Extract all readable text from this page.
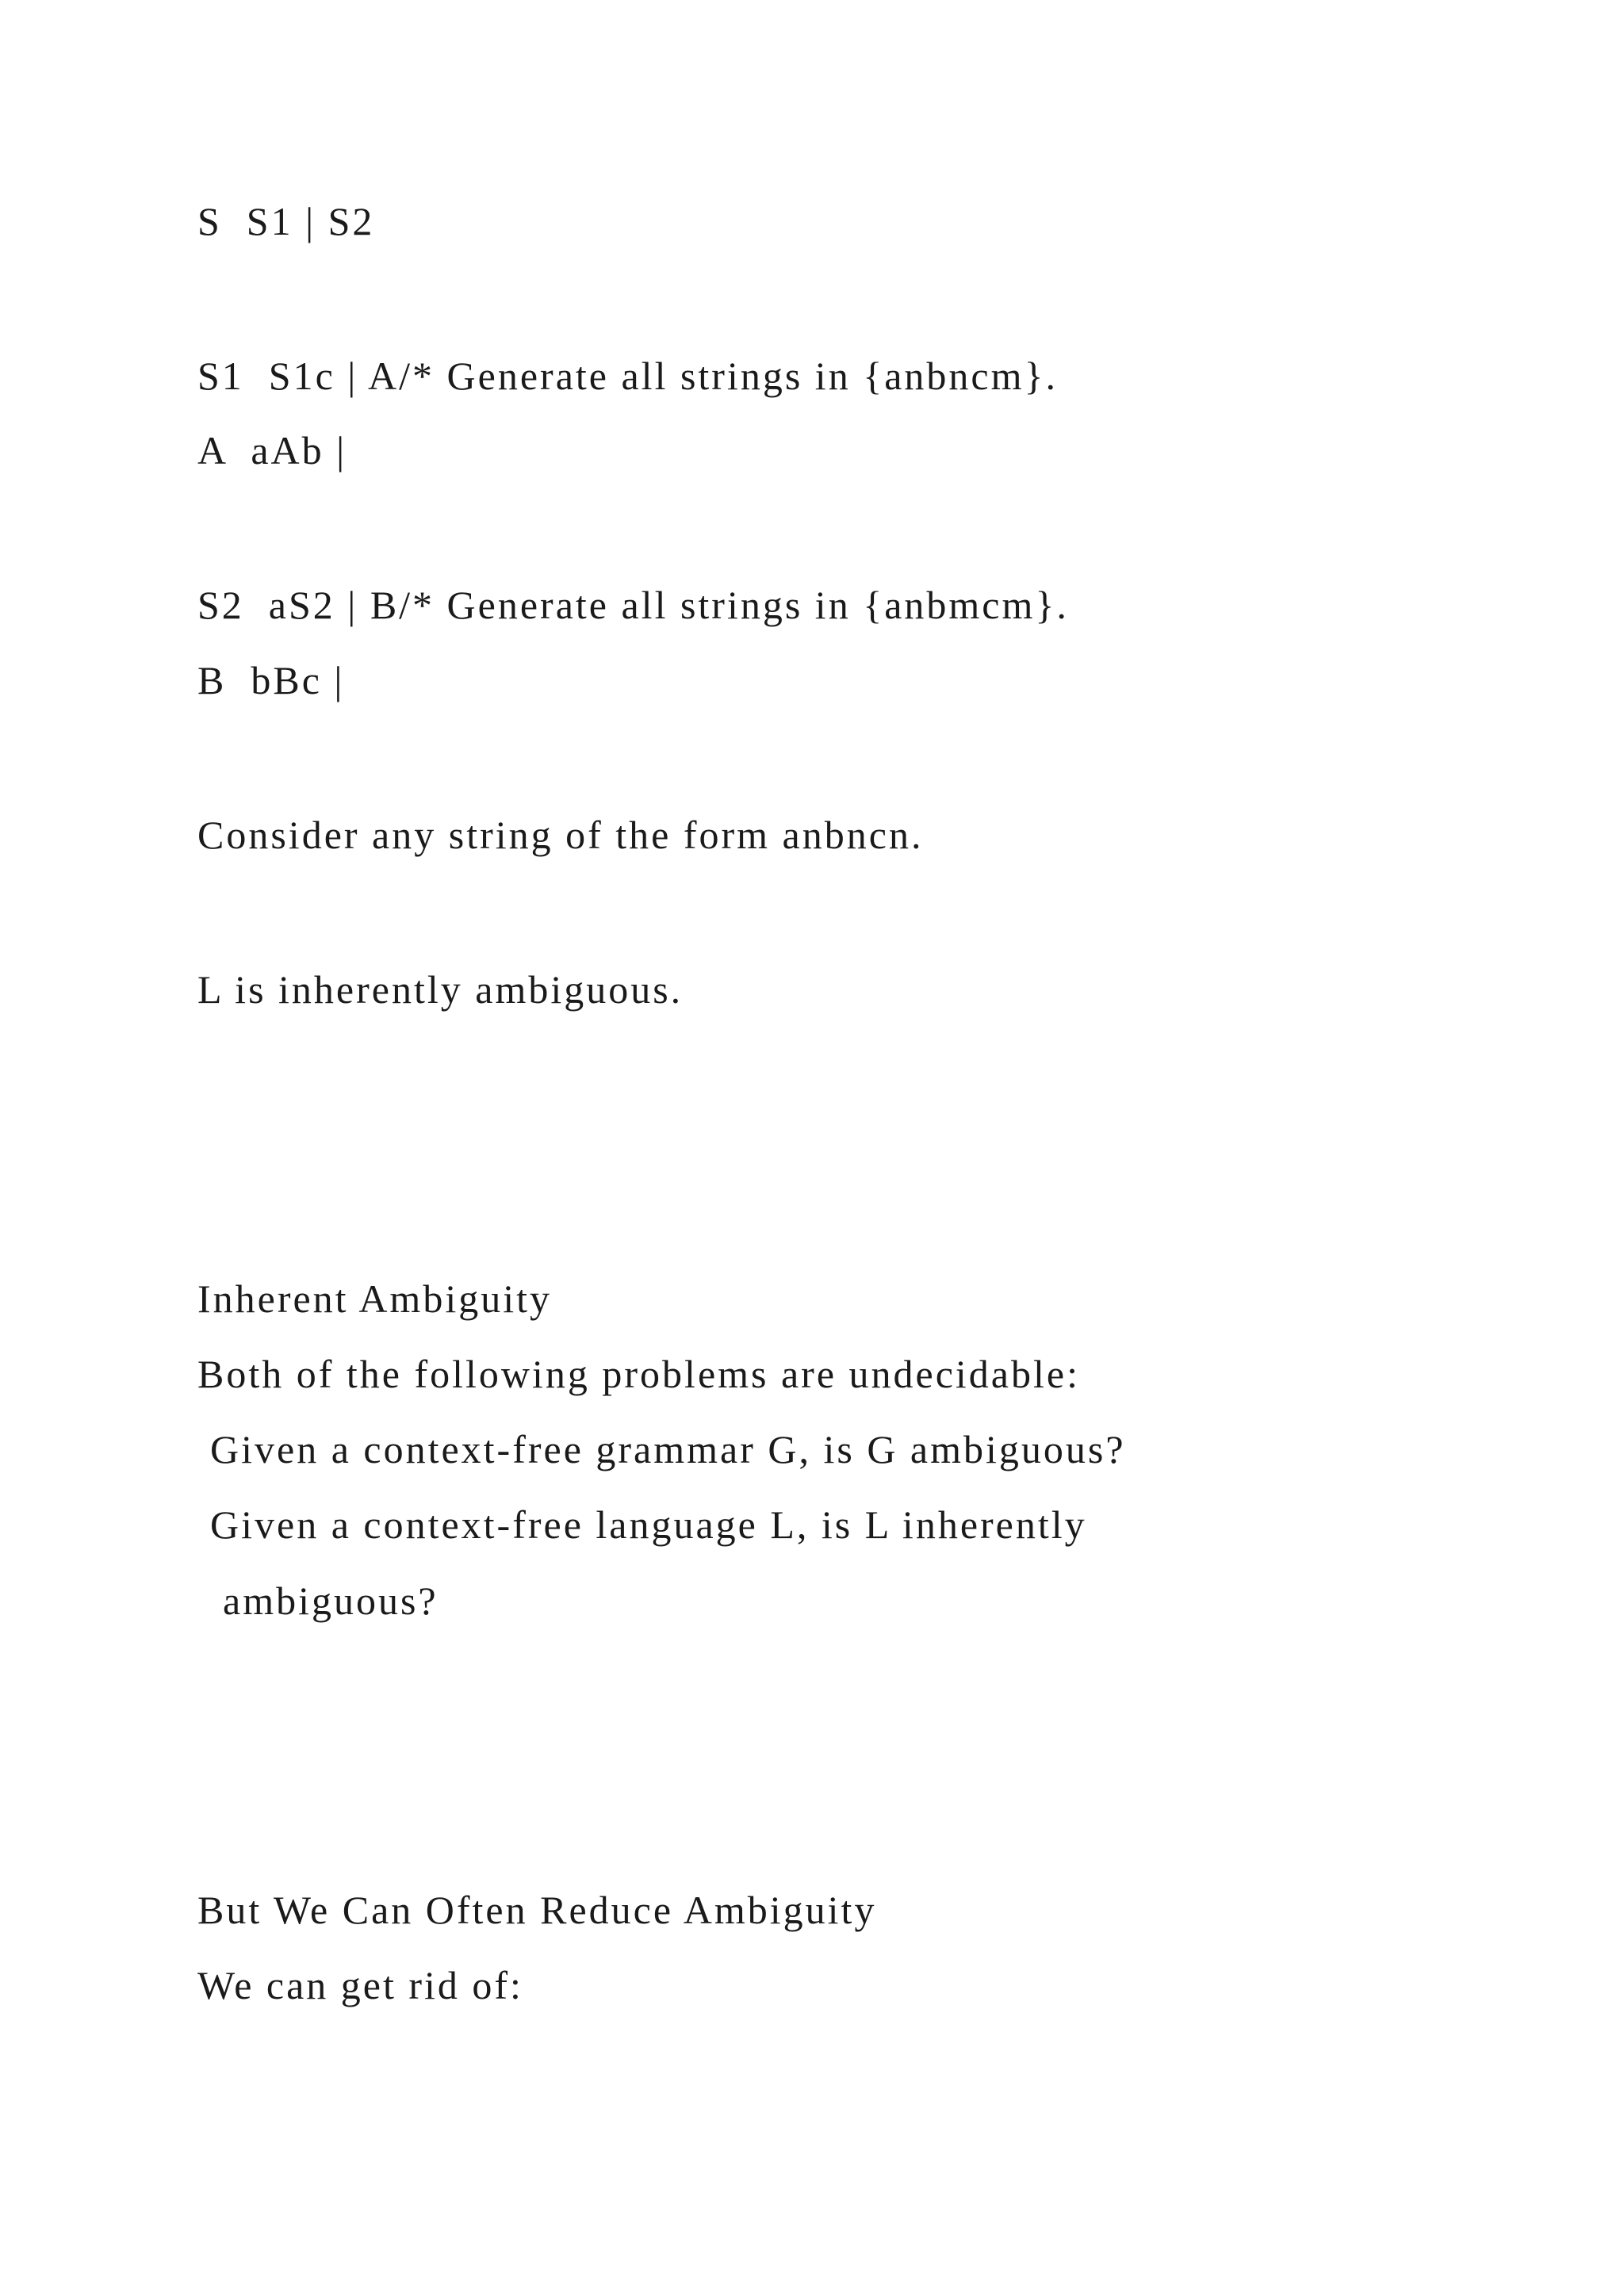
S  S1 | S2

S1  S1c | A/* Generate all strings in {anbncm}.

A  aAb |

S2  aS2 | B/* Generate all strings in {anbmcm}.

B  bBc |

Consider any string of the form anbncn.

L is inherently ambiguous.

Inherent Ambiguity

Both of the following problems are undecidable:

Given a context-free grammar G, is G ambiguous?

Given a context-free language L, is L inherently

ambiguous?

But We Can Often Reduce Ambiguity

We can get rid of:
